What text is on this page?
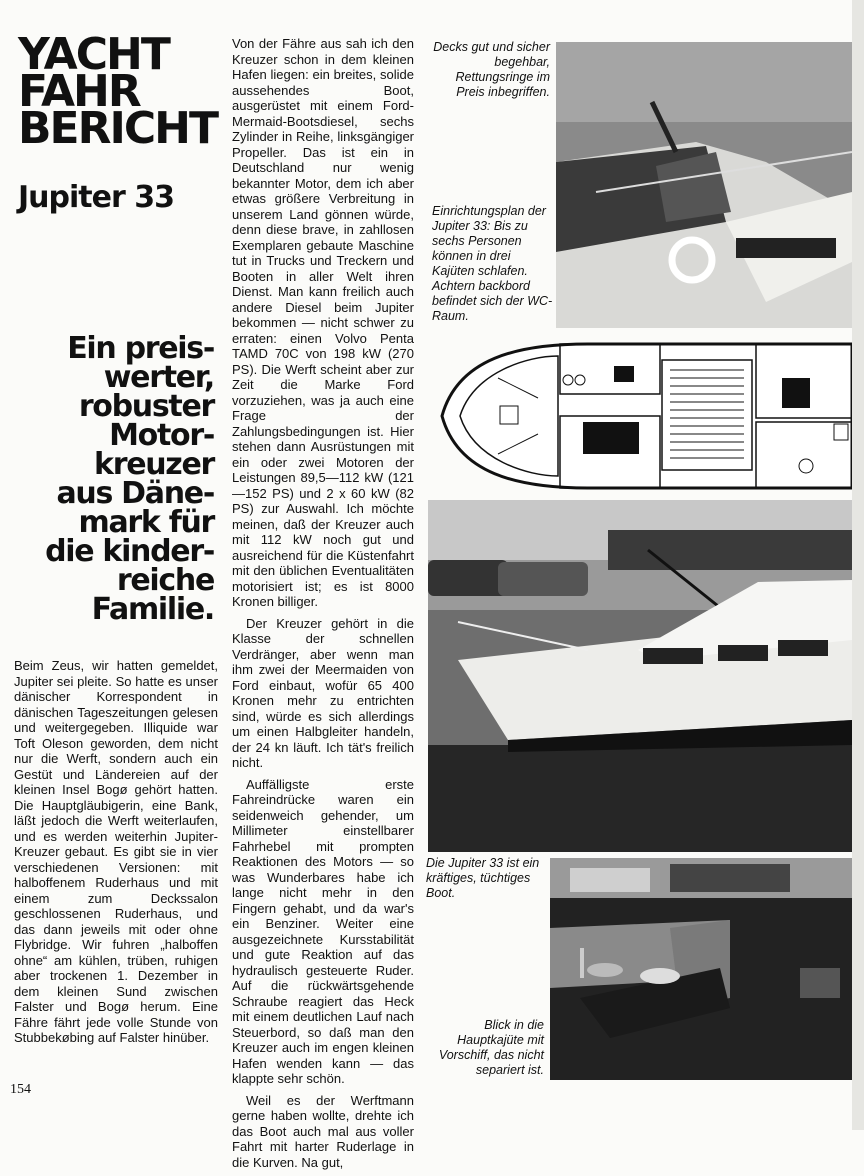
YACHT
FAHR
BERICHT
Jupiter 33
Ein preis-
werter,
robuster
Motor-
kreuzer
aus Däne-
mark für
die kinder-
reiche
Familie.

Beim Zeus, wir hatten gemeldet, Jupiter sei pleite. So hatte es unser dänischer Korrespondent in dänischen Tageszeitungen gelesen und weitergegeben. Illiquide war Toft Oleson geworden, dem nicht nur die Werft, sondern auch ein Gestüt und Ländereien auf der kleinen Insel Bogø gehört hatten. Die Hauptgläubigerin, eine Bank, läßt jedoch die Werft weiterlaufen, und es werden weiterhin Jupiter-Kreuzer gebaut. Es gibt sie in vier verschiedenen Versionen: mit halboffenem Ruderhaus und mit einem zum Deckssalon geschlossenen Ruderhaus, und das dann jeweils mit oder ohne Flybridge. Wir fuhren „halboffen ohne“ am kühlen, trüben, ruhigen aber trockenen 1. Dezember in dem kleinen Sund zwischen Falster und Bogø herum. Eine Fähre fährt jede volle Stunde von Stubbekøbing auf Falster hinüber.

Von der Fähre aus sah ich den Kreuzer schon in dem kleinen Hafen liegen: ein breites, solide aussehendes Boot, ausgerüstet mit einem Ford-Mermaid-Bootsdiesel, sechs Zylinder in Reihe, linksgängiger Propeller. Das ist ein in Deutschland nur wenig bekannter Motor, dem ich aber etwas größere Verbreitung in unserem Land gönnen würde, denn diese brave, in zahllosen Exemplaren gebaute Maschine tut in Trucks und Treckern und Booten in aller Welt ihren Dienst. Man kann freilich auch andere Diesel beim Jupiter bekommen — nicht schwer zu erraten: einen Volvo Penta TAMD 70C von 198 kW (270 PS). Die Werft scheint aber zur Zeit die Marke Ford vorzuziehen, was ja auch eine Frage der Zahlungsbedingungen ist. Hier stehen dann Ausrüstungen mit ein oder zwei Motoren der Leistungen 89,5—112 kW (121—152 PS) und 2 x 60 kW (82 PS) zur Auswahl. Ich möchte meinen, daß der Kreuzer auch mit 112 kW noch gut und ausreichend für die Küstenfahrt mit den üblichen Eventualitäten motorisiert ist; es ist 8000 Kronen billiger.

Der Kreuzer gehört in die Klasse der schnellen Verdränger, aber wenn man ihm zwei der Meermaiden von Ford einbaut, wofür 65 400 Kronen mehr zu entrichten sind, würde es sich allerdings um einen Halbgleiter handeln, der 24 kn läuft. Ich tät's freilich nicht.

Auffälligste erste Fahreindrücke waren ein seidenweich gehender, um Millimeter einstellbarer Fahrhebel mit prompten Reaktionen des Motors — so was Wunderbares habe ich lange nicht mehr in den Fingern gehabt, und da war's ein Benziner. Weiter eine ausgezeichnete Kursstabilität und gute Reaktion auf das hydraulisch gesteuerte Ruder. Auf die rückwärtsgehende Schraube reagiert das Heck mit einem deutlichen Lauf nach Steuerbord, so daß man den Kreuzer auch im engen kleinen Hafen wenden kann — das klappte sehr schön.

Weil es der Werftmann gerne haben wollte, drehte ich das Boot auch mal aus voller Fahrt mit harter Ruderlage in die Kurven. Na gut,

Decks gut und sicher begehbar, Rettungsringe im Preis inbegriffen.
Einrichtungsplan der Jupiter 33: Bis zu sechs Personen können in drei Kajüten schlafen. Achtern backbord befindet sich der WC-Raum.
Die Jupiter 33 ist ein kräftiges, tüchtiges Boot.
Blick in die Hauptkajüte mit Vorschiff, das nicht separiert ist.
154
